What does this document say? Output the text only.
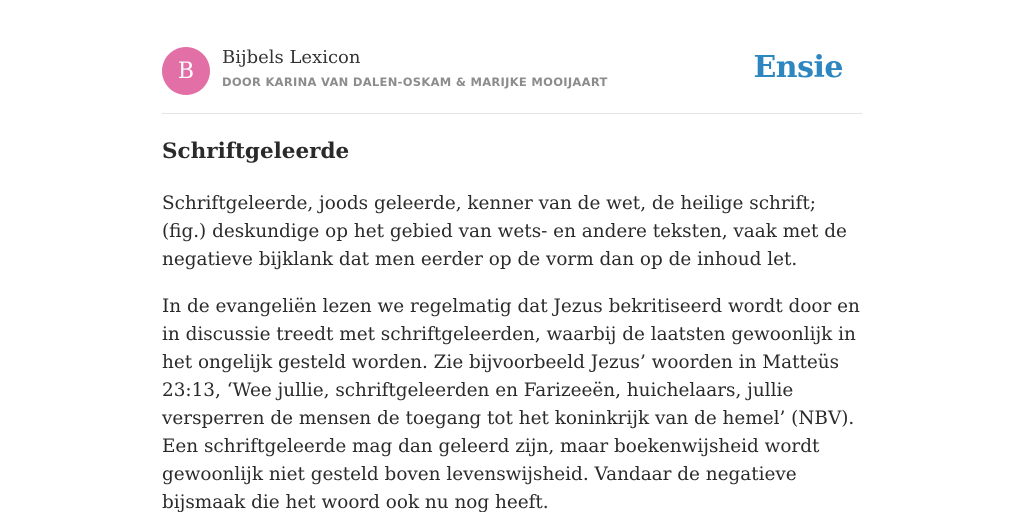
B
Bijbels Lexicon
DOOR KARINA VAN DALEN-OSKAM & MARIJKE MOOIJAART	Ensie
Schriftgeleerde

Schriftgeleerde, joods geleerde, kenner van de wet, de heilige schrift; (fig.) deskundige op het gebied van wets- en andere teksten, vaak met de negatieve bijklank dat men eerder op de vorm dan op de inhoud let.

In de evangeliën lezen we regelmatig dat Jezus bekritiseerd wordt door en in discussie treedt met schriftgeleerden, waarbij de laatsten gewoonlijk in het ongelijk gesteld worden. Zie bijvoorbeeld Jezus’ woorden in Matteüs 23:13, ‘Wee jullie, schriftgeleerden en Farizeeën, huichelaars, jullie versperren de mensen de toegang tot het koninkrijk van de hemel’ (NBV). Een schriftgeleerde mag dan geleerd zijn, maar boekenwijsheid wordt gewoonlijk niet gesteld boven levenswijsheid. Vandaar de negatieve bijsmaak die het woord ook nu nog heeft.
